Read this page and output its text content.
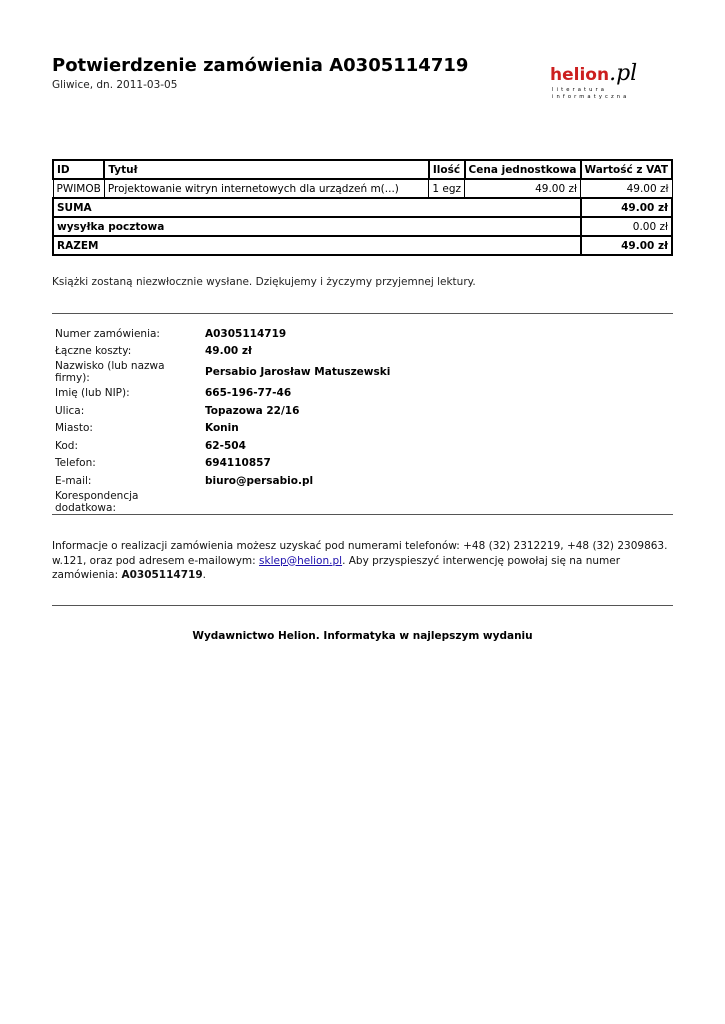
Potwierdzenie zamówienia A0305114719
Gliwice, dn. 2011-03-05	helion.pl
literatura
informatyczna
ID	Tytuł	Ilość	Cena jednostkowa	Wartość z VAT
PWIMOB	Projektowanie witryn internetowych dla urządzeń m(...)	1 egz	49.00 zł	49.00 zł
SUMA				49.00 zł
wysyłka pocztowa				0.00 zł
RAZEM				49.00 zł
Książki zostaną niezwłocznie wysłane. Dziękujemy i życzymy przyjemnej lektury.
Numer zamówienia:	A0305114719
Łączne koszty:	49.00 zł
Nazwisko (lub nazwa firmy):	Persabio Jarosław Matuszewski
Imię (lub NIP):	665-196-77-46
Ulica:	Topazowa 22/16
Miasto:	Konin
Kod:	62-504
Telefon:	694110857
E-mail:	biuro@persabio.pl
Korespondencja dodatkowa:	
Informacje o realizacji zamówienia możesz uzyskać pod numerami telefonów: +48 (32) 2312219, +48 (32) 2309863. w.121, oraz pod adresem e-mailowym: sklep@helion.pl. Aby przyspieszyć interwencję powołaj się na numer zamówienia: A0305114719.
Wydawnictwo Helion. Informatyka w najlepszym wydaniu
